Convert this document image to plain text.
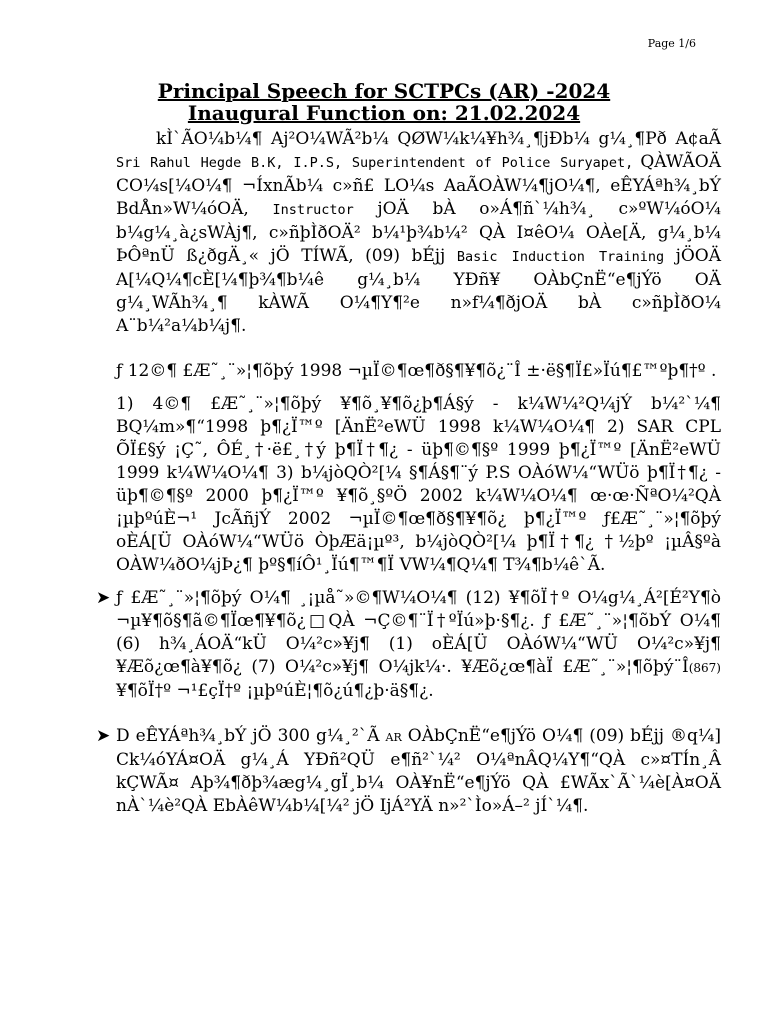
Page 1/6

Principal Speech for SCTPCs (AR) -2024

Inaugural Function on: 21.02.2024

kÌ`ÃO¼b¼¶ Aj²O¼WÃ²b¼ QØW¼k¼¥h¾¸¶jÐb¼ g¼¸¶Pð A¢aÃ Sri Rahul Hegde B.K, I.P.S, Superintendent of Police Suryapet, QÀWÃOÄ CO¼s[¼O¼¶ ¬ÍxnÃb¼ c»ñ£ LO¼s AaÃOÀW¼¶jO¼¶, eÊYÁªh¾¸bÝ BdÅn»W¼óOÄ, Instructor jOÄ bÀ o»Á¶ñ`¼h¾¸ c»ºW¼óO¼ b¼g¼¸à¿sWÀj¶, c»ñþÌðOÄ² b¼¹þ¾b¼² QÀ I¤êO¼ OÀe[Ä, g¼¸b¼ ÞÔªnÜ ß¿ðgÄ¸« jÖ TÍWÃ, (09) bÉjj Basic Induction Training jÖOÄ A[¼Q¼¶cÈ[¼¶þ¾¶b¼ê g¼¸b¼ YÐñ¥ OÀbÇnË“e¶jÝö OÄ g¼¸WÃh¾¸¶ kÀWÃ O¼¶Y¶²e n»f¼¶ðjOÄ bÀ c»ñþÌðO¼ A¨b¼²a¼b¼j¶.

ƒ 12©¶ £Æ˜¸¨»¦¶õþý 1998 ¬µÏ©¶œ¶ð§¶¥¶õ¿¨Î ±·ë§¶Ï£»Ïú¶£™ºþ¶†º .

1) 4©¶ £Æ˜¸¨»¦¶õþý ¥¶õ¸¥¶õ¿þ¶Á§ý - k¼W¼²Q¼jÝ b¼²`¼¶ BQ¼m»¶“1998 þ¶¿Ï™º [ÄnË²eWÜ 1998 k¼W¼O¼¶ 2) SAR CPL ÕÏ£§ý ¡Ç˜, ÔÉ¸†·ë£¸†ý þ¶Ï†¶¿ - üþ¶©¶§º 1999 þ¶¿Ï™º [ÄnË²eWÜ 1999 k¼W¼O¼¶ 3) b¼jòQÒ²[¼ §¶Á§¶¨ý P.S OÀóW¼“WÜö þ¶Ï†¶¿ - üþ¶©¶§º 2000 þ¶¿Ï™º ¥¶õ¸§ºÖ 2002 k¼W¼O¼¶ œ·œ·ÑªO¼²QÀ ¡µþºúÈ¬¹ JcÃñjÝ 2002 ¬µÏ©¶œ¶ð§¶¥¶õ¿ þ¶¿Ï™º ƒ£Æ˜¸¨»¦¶õþý oÈÁ[Ü OÀóW¼“WÜö ÒþÆä¡µº³, b¼jòQÒ²[¼ þ¶Ï†¶¿ †½þº ¡µÂ§ºà OÀW¼ðO¼jÞ¿¶ þº§¶íÔ¹¸Ïú¶™¶Ï VW¼¶Q¼¶ T¾¶b¼ê`Ã.

➤ ƒ £Æ˜¸¨»¦¶õþý O¼¶ ¸¡µå˜»©¶W¼O¼¶ (12) ¥¶õÏ†º O¼g¼¸Á²[É²Y¶ò ¬µ¥¶õ§¶ã©¶Ïœ¶¥¶õ¿□QÀ ¬Ç©¶¨Ï†ºÏú»þ·§¶¿. ƒ £Æ˜¸¨»¦¶õbÝ O¼¶ (6) h¾¸ÁOÄ“kÜ O¼²c»¥j¶ (1) oÈÁ[Ü OÀóW¼“WÜ O¼²c»¥j¶ ¥Æõ¿œ¶à¥¶õ¿ (7) O¼²c»¥j¶ O¼jk¼·. ¥Æõ¿œ¶àÏ £Æ˜¸¨»¦¶õþý¨Î(867) ¥¶õÏ†º ¬¹£çÏ†º ¡µþºúÈ¦¶õ¿ú¶¿þ·ä§¶¿.

➤ D eÊYÁªh¾¸bÝ jÖ 300 g¼¸²`Ã AR OÀbÇnË“e¶jÝö O¼¶ (09) bÉjj ®q¼] Ck¼óYÁ¤OÄ g¼¸Á YÐñ²QÜ e¶ñ²`¼² O¼ªnÂQ¼Y¶“QÀ c»¤TÍn¸Â kÇWÃ¤ Aþ¾¶ðþ¾æg¼¸gÏ¸b¼ OÀ¥nË“e¶jÝö QÀ £WÃx`Ã`¼è[À¤OÄ nÀ`¼è²QÀ EbÀêW¼b¼[¼² jÖ IjÁ²YÄ n»²`Ìo»Á–² jÍ`¼¶.
